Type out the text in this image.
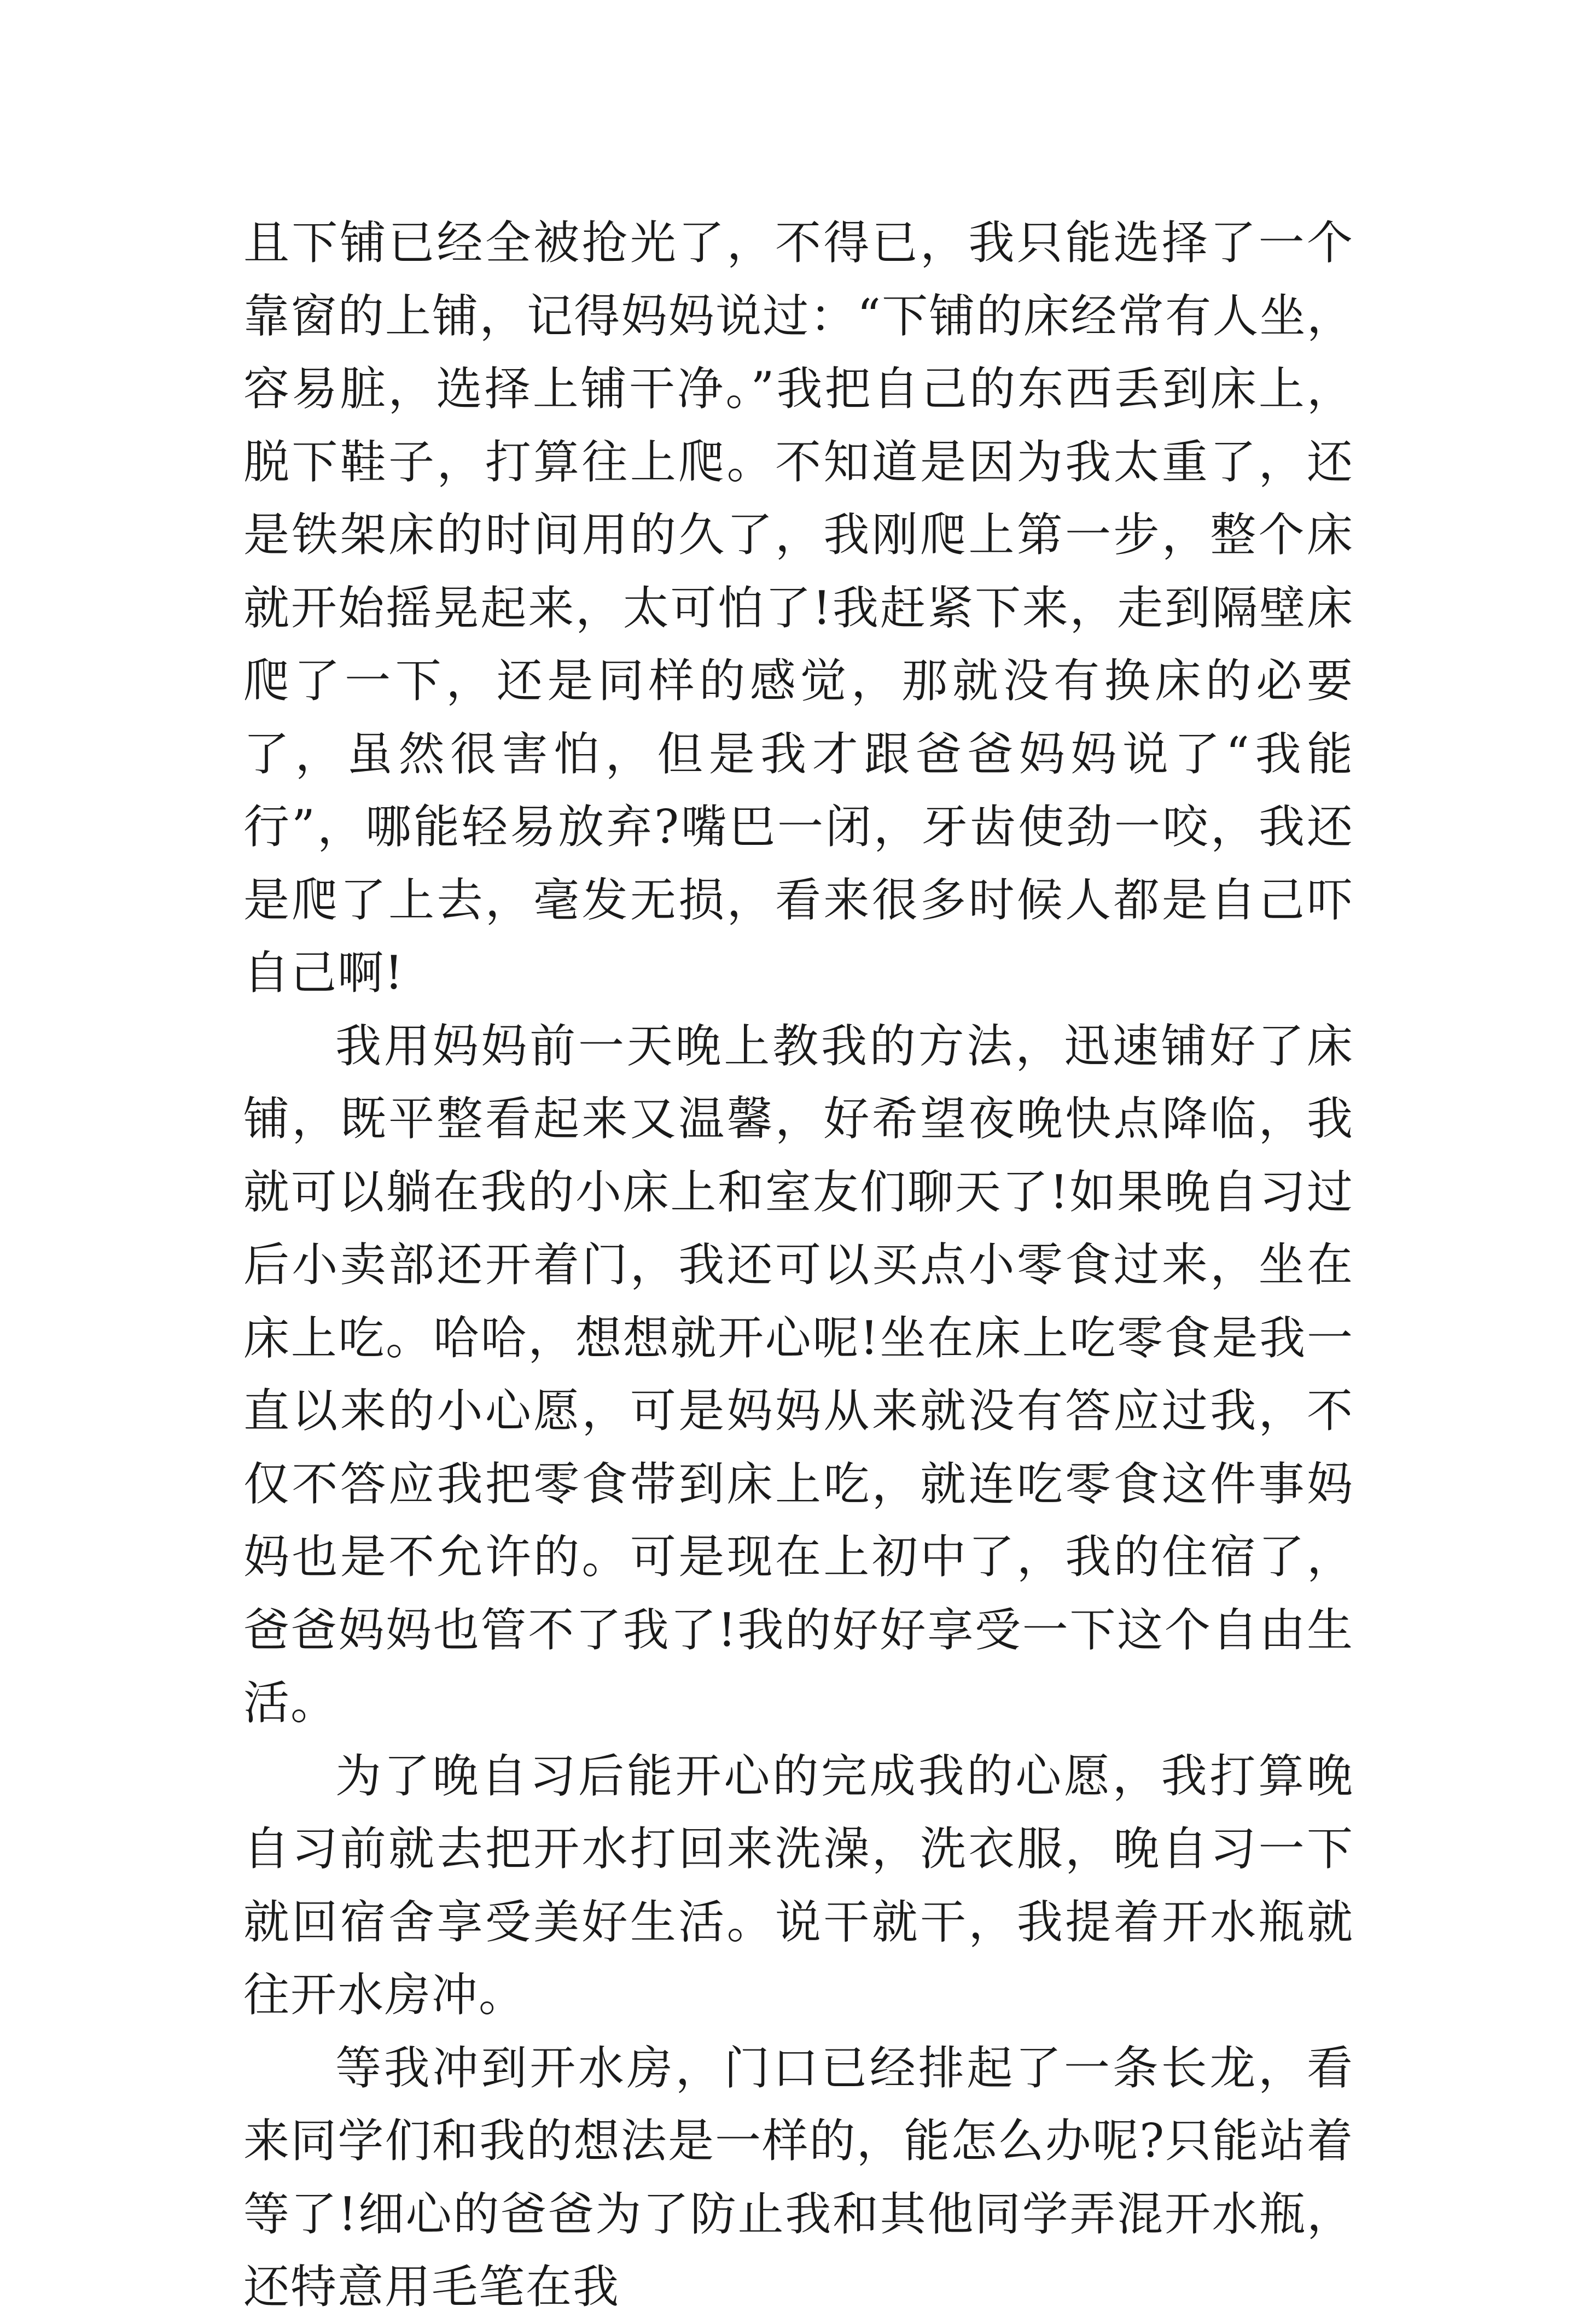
且下铺已经全被抢光了，不得已，我只能选择了一个靠窗的上铺，记得妈妈说过：“下铺的床经常有人坐，容易脏，选择上铺干净。”我把自己的东西丢到床上，脱下鞋子，打算往上爬。不知道是因为我太重了，还是铁架床的时间用的久了，我刚爬上第一步，整个床就开始摇晃起来，太可怕了!我赶紧下来，走到隔壁床爬了一下，还是同样的感觉，那就没有换床的必要了，虽然很害怕，但是我才跟爸爸妈妈说了“我能行”，哪能轻易放弃?嘴巴一闭，牙齿使劲一咬，我还是爬了上去，毫发无损，看来很多时候人都是自己吓自己啊!

我用妈妈前一天晚上教我的方法，迅速铺好了床铺，既平整看起来又温馨，好希望夜晚快点降临，我就可以躺在我的小床上和室友们聊天了!如果晚自习过后小卖部还开着门，我还可以买点小零食过来，坐在床上吃。哈哈，想想就开心呢!坐在床上吃零食是我一直以来的小心愿，可是妈妈从来就没有答应过我，不仅不答应我把零食带到床上吃，就连吃零食这件事妈妈也是不允许的。可是现在上初中了，我的住宿了，爸爸妈妈也管不了我了!我的好好享受一下这个自由生活。

为了晚自习后能开心的完成我的心愿，我打算晚自习前就去把开水打回来洗澡，洗衣服，晚自习一下就回宿舍享受美好生活。说干就干，我提着开水瓶就往开水房冲。

等我冲到开水房，门口已经排起了一条长龙，看来同学们和我的想法是一样的，能怎么办呢?只能站着等了!细心的爸爸为了防止我和其他同学弄混开水瓶，还特意用毛笔在我
